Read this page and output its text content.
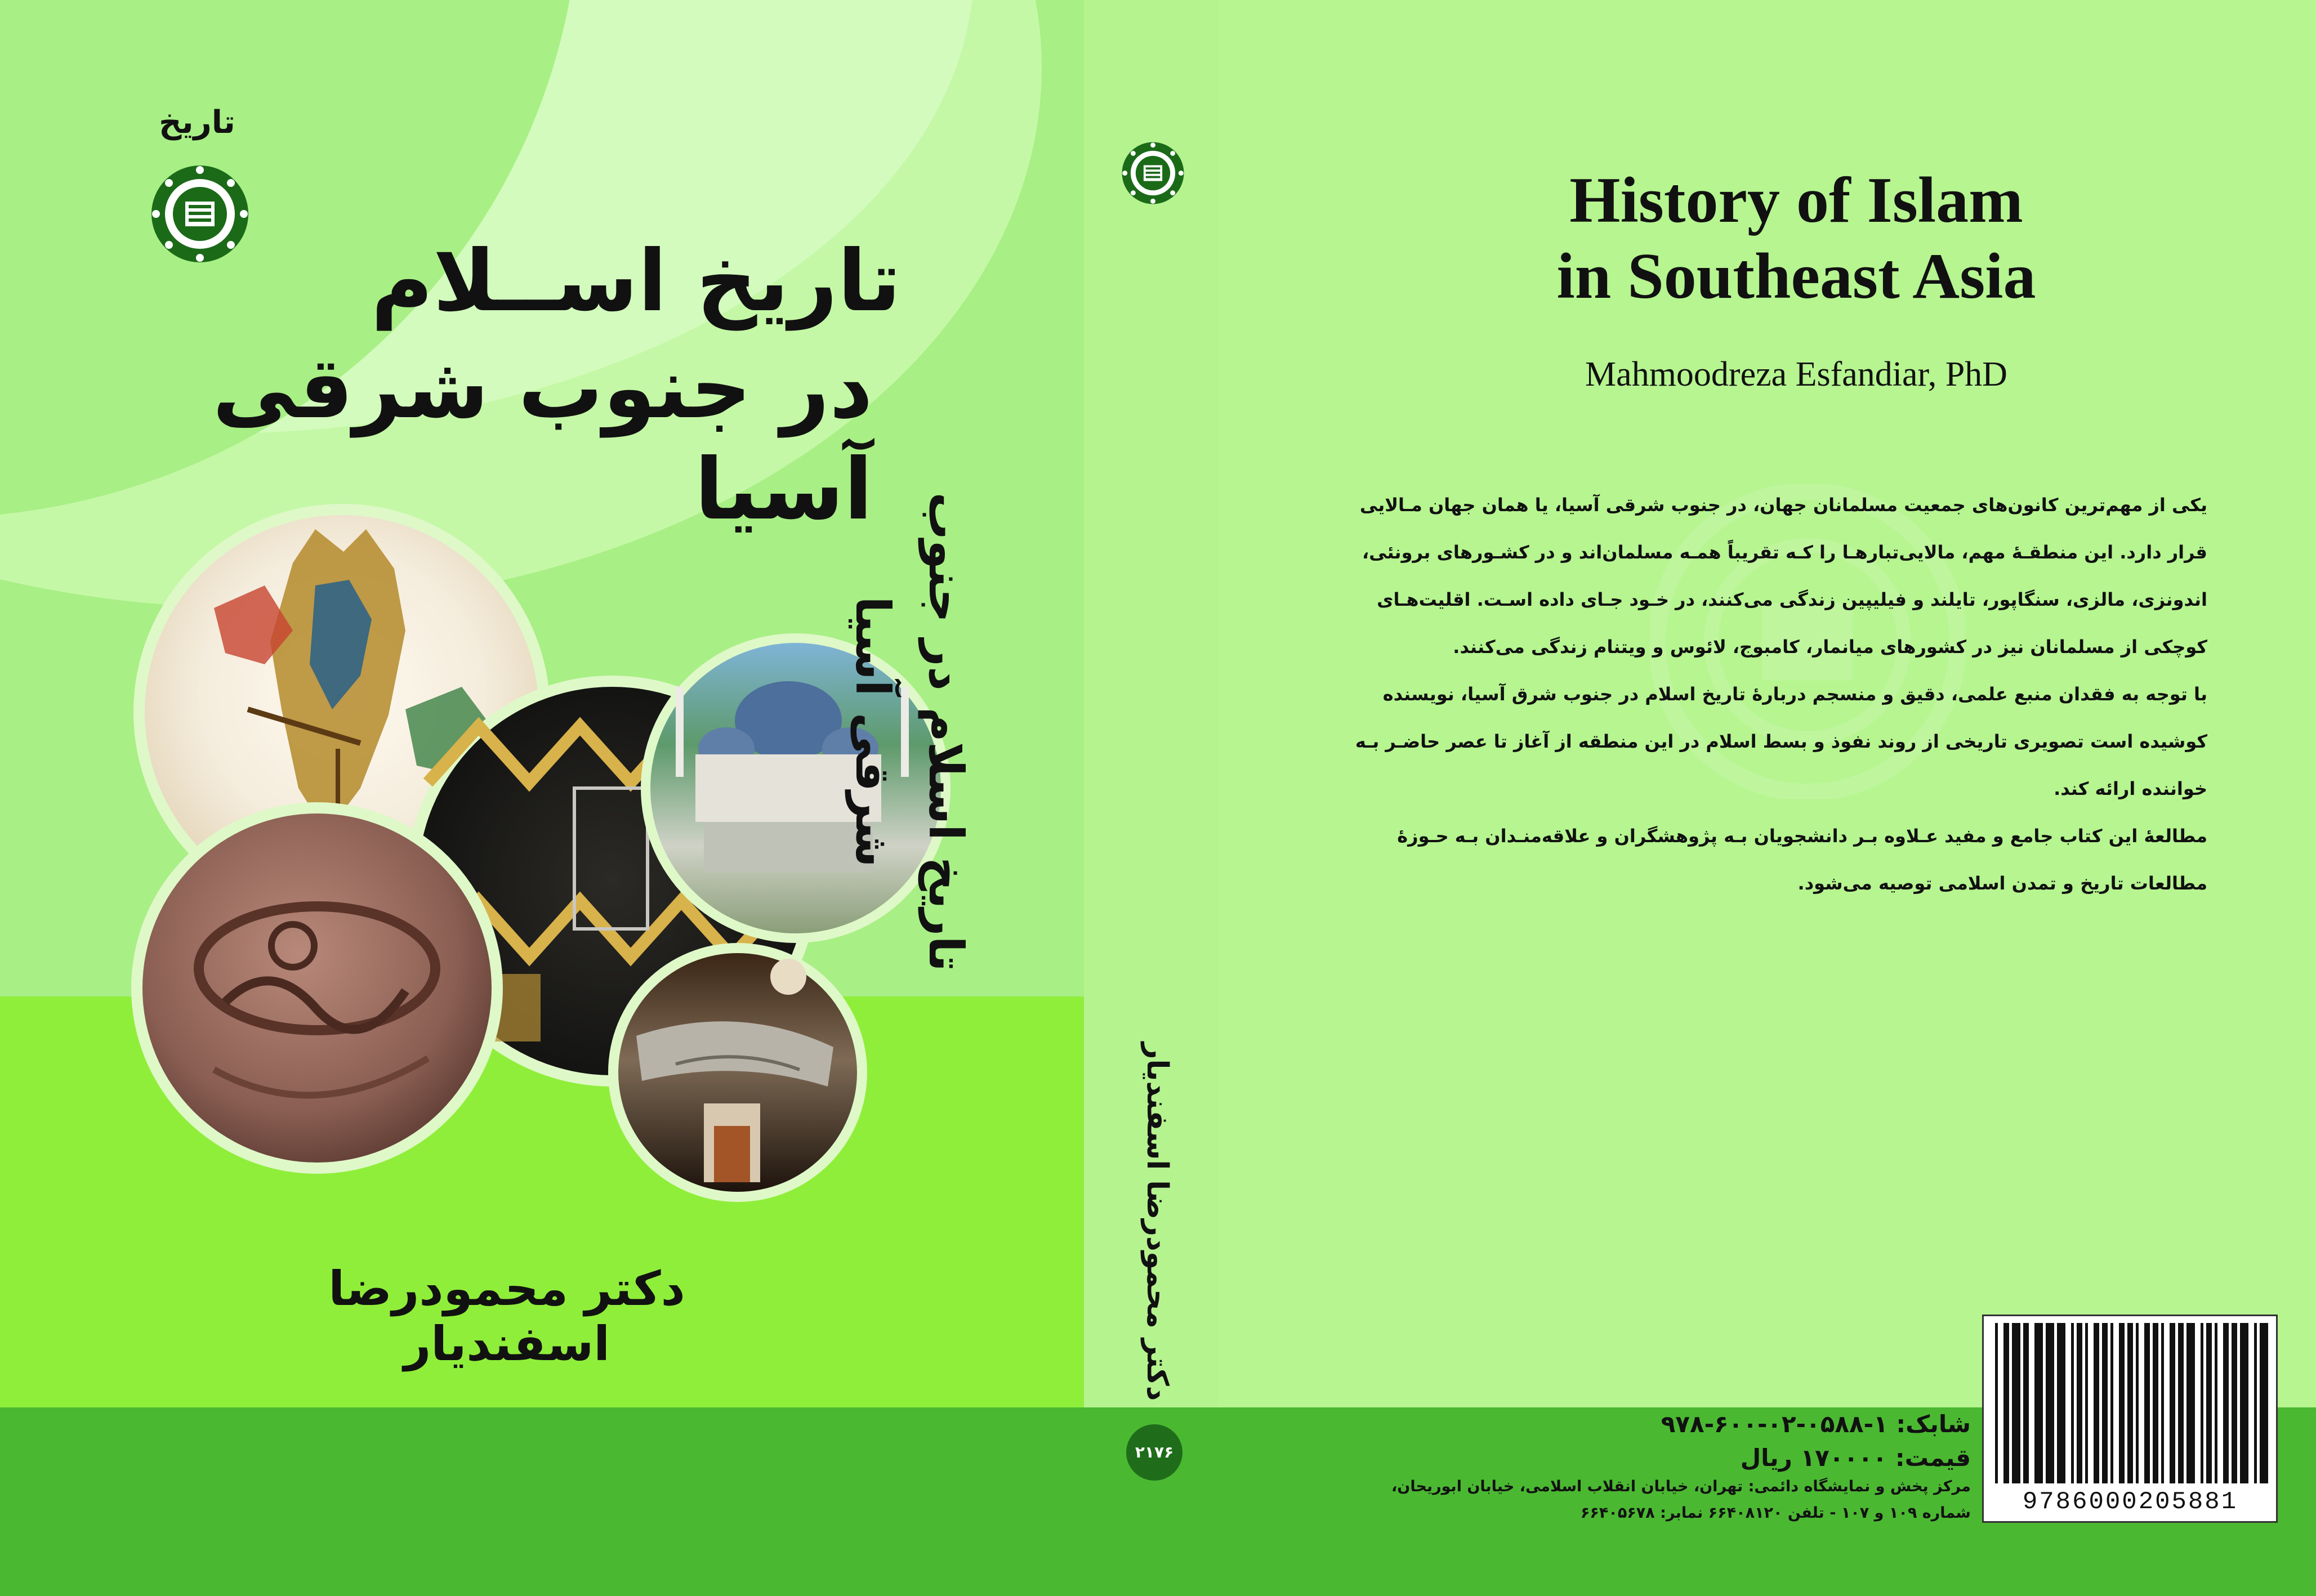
تاریخ
تاریخ اســلام
در جنوب شرقی آسیا
دکتر محمودرضا اسفندیار
تاریخ اسلام در جنوب شرقی آسیا
دکتر محمودرضا اسفندیار
۲۱۷۶
History of Islam
in Southeast Asia
Mahmoodreza Esfandiar, PhD
یکی از مهم‌ترین کانون‌های جمعیت مسلمانان جهان، در جنوب شرقی آسیا، یا همان جهان مـالایی
قرار دارد. این منطقـهٔ مهم، مالایی‌تبارهـا را کـه تقریباً همـه مسلمان‌اند و در کشـورهای برونئی،
اندونزی، مالزی، سنگاپور، تایلند و فیلیپین زندگی می‌کنند، در خـود جـای داده اسـت. اقلیت‌هـای
کوچکی از مسلمانان نیز در کشورهای میانمار، کامبوج، لائوس و ویتنام زندگی می‌کنند.
با توجه به فقدان منبع علمی، دقیق و منسجم دربارهٔ تاریخ اسلام در جنوب شرق آسیا، نویسنده
کوشیده است تصویری تاریخی از روند نفوذ و بسط اسلام در این منطقه از آغاز تا عصر حاضـر بـه
خواننده ارائه کند.
مطالعهٔ این کتاب جامع و مفید عـلاوه بـر دانشجویان بـه پژوهشگران و علاقه‌منـدان بـه حـوزهٔ
مطالعات تاریخ و تمدن اسلامی توصیه می‌شود.
شابک: ۱-۰۵۸۸-۰۲-۶۰۰-۹۷۸
قیمت: ۱۷۰۰۰۰ ریال
مرکز پخش و نمایشگاه دائمی: تهران، خیابان انقلاب اسلامی، خیابان ابوریحان،
شماره ۱۰۹ و ۱۰۷ - تلفن ۶۶۴۰۸۱۲۰ نمابر: ۶۶۴۰۵۶۷۸	9786000205881
